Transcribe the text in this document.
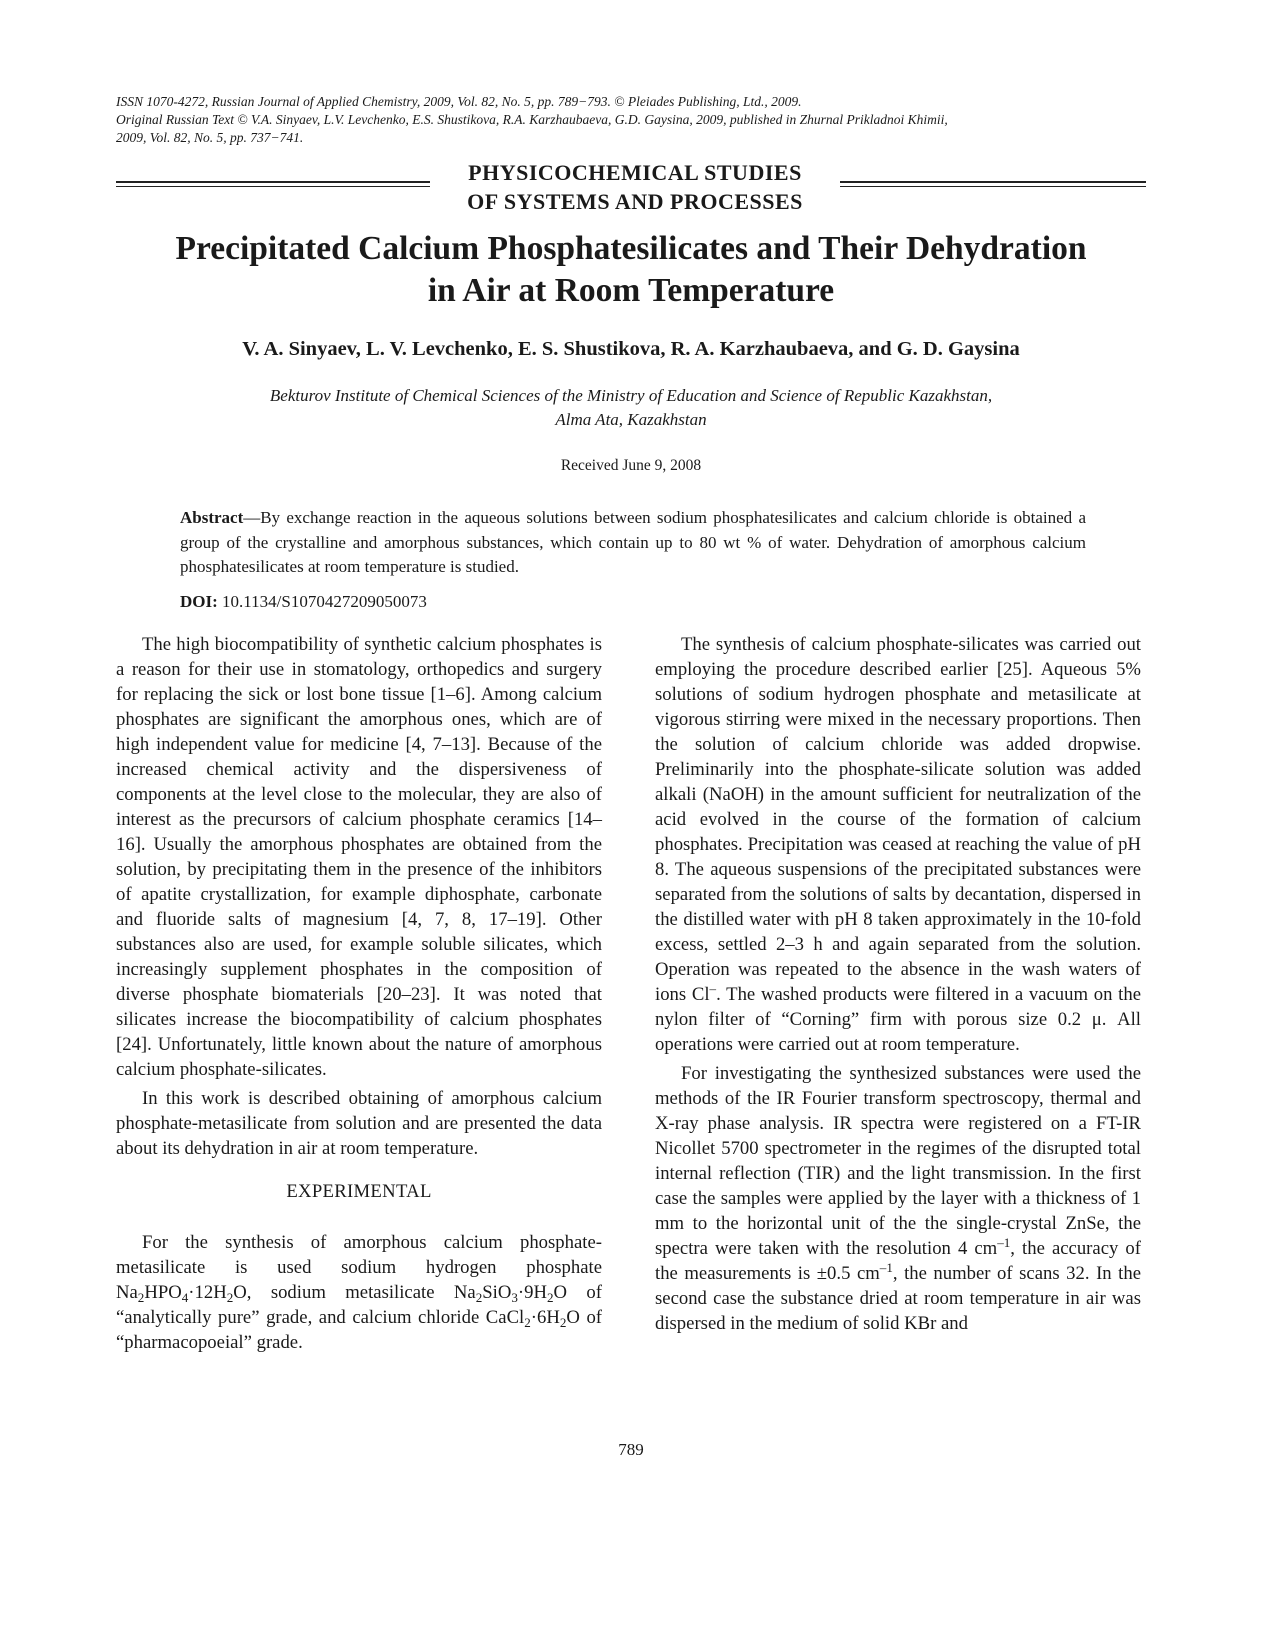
ISSN 1070-4272, Russian Journal of Applied Chemistry, 2009, Vol. 82, No. 5, pp. 789−793. © Pleiades Publishing, Ltd., 2009.
Original Russian Text © V.A. Sinyaev, L.V. Levchenko, E.S. Shustikova, R.A. Karzhaubaeva, G.D. Gaysina, 2009, published in Zhurnal Prikladnoi Khimii,
2009, Vol. 82, No. 5, pp. 737−741.
PHYSICOCHEMICAL STUDIES
OF SYSTEMS AND PROCESSES
Precipitated Calcium Phosphatesilicates and Their Dehydration
in Air at Room Temperature
V. A. Sinyaev, L. V. Levchenko, E. S. Shustikova, R. A. Karzhaubaeva, and G. D. Gaysina
Bekturov Institute of Chemical Sciences of the Ministry of Education and Science of Republic Kazakhstan,
Alma Ata, Kazakhstan
Received June 9, 2008
Abstract—By exchange reaction in the aqueous solutions between sodium phosphatesilicates and calcium chloride is obtained a group of the crystalline and amorphous substances, which contain up to 80 wt % of water. Dehydration of amorphous calcium phosphatesilicates at room temperature is studied.
DOI: 10.1134/S1070427209050073

The high biocompatibility of synthetic calcium phosphates is a reason for their use in stomatology, orthopedics and surgery for replacing the sick or lost bone tissue [1–6]. Among calcium phosphates are significant the amorphous ones, which are of high independent value for medicine [4, 7–13]. Because of the increased chemical activity and the dispersiveness of components at the level close to the molecular, they are also of interest as the precursors of calcium phosphate ceramics [14–16]. Usually the amorphous phosphates are obtained from the solution, by precipitating them in the presence of the inhibitors of apatite crystallization, for example diphosphate, carbonate and fluoride salts of magnesium [4, 7, 8, 17–19]. Other substances also are used, for example soluble silicates, which increasingly supplement phosphates in the composition of diverse phosphate biomaterials [20–23]. It was noted that silicates increase the biocompatibility of calcium phosphates [24]. Unfortunately, little known about the nature of amorphous calcium phosphate-silicates.

In this work is described obtaining of amorphous calcium phosphate-metasilicate from solution and are presented the data about its dehydration in air at room temperature.

EXPERIMENTAL

For the synthesis of amorphous calcium phosphate-metasilicate is used sodium hydrogen phosphate $Na_2HPO_4\cdot 12H_2O$, sodium metasilicate $Na_2SiO_3\cdot 9H_2O$ of “analytically pure” grade, and calcium chloride $CaCl_2\cdot 6H_2O$ of “pharmacopoeial” grade.

The synthesis of calcium phosphate-silicates was carried out employing the procedure described earlier [25]. Aqueous 5% solutions of sodium hydrogen phosphate and metasilicate at vigorous stirring were mixed in the necessary proportions. Then the solution of calcium chloride was added dropwise. Preliminarily into the phosphate-silicate solution was added alkali (NaOH) in the amount sufficient for neutralization of the acid evolved in the course of the formation of calcium phosphates. Precipitation was ceased at reaching the value of pH 8. The aqueous suspensions of the precipitated substances were separated from the solutions of salts by decantation, dispersed in the distilled water with pH 8 taken approximately in the 10-fold excess, settled 2–3 h and again separated from the solution. Operation was repeated to the absence in the wash waters of ions Cl–. The washed products were filtered in a vacuum on the nylon filter of “Corning” firm with porous size 0.2 μ. All operations were carried out at room temperature.

For investigating the synthesized substances were used the methods of the IR Fourier transform spectroscopy, thermal and X-ray phase analysis. IR spectra were registered on a FT-IR Nicollet 5700 spectrometer in the regimes of the disrupted total internal reflection (TIR) and the light transmission. In the first case the samples were applied by the layer with a thickness of 1 mm to the horizontal unit of the the single-crystal ZnSe, the spectra were taken with the resolution 4 $cm^{-1}$, the accuracy of the measurements is ±0.5 $cm^{-1}$, the number of scans 32. In the second case the substance dried at room temperature in air was dispersed in the medium of solid KBr and

789
